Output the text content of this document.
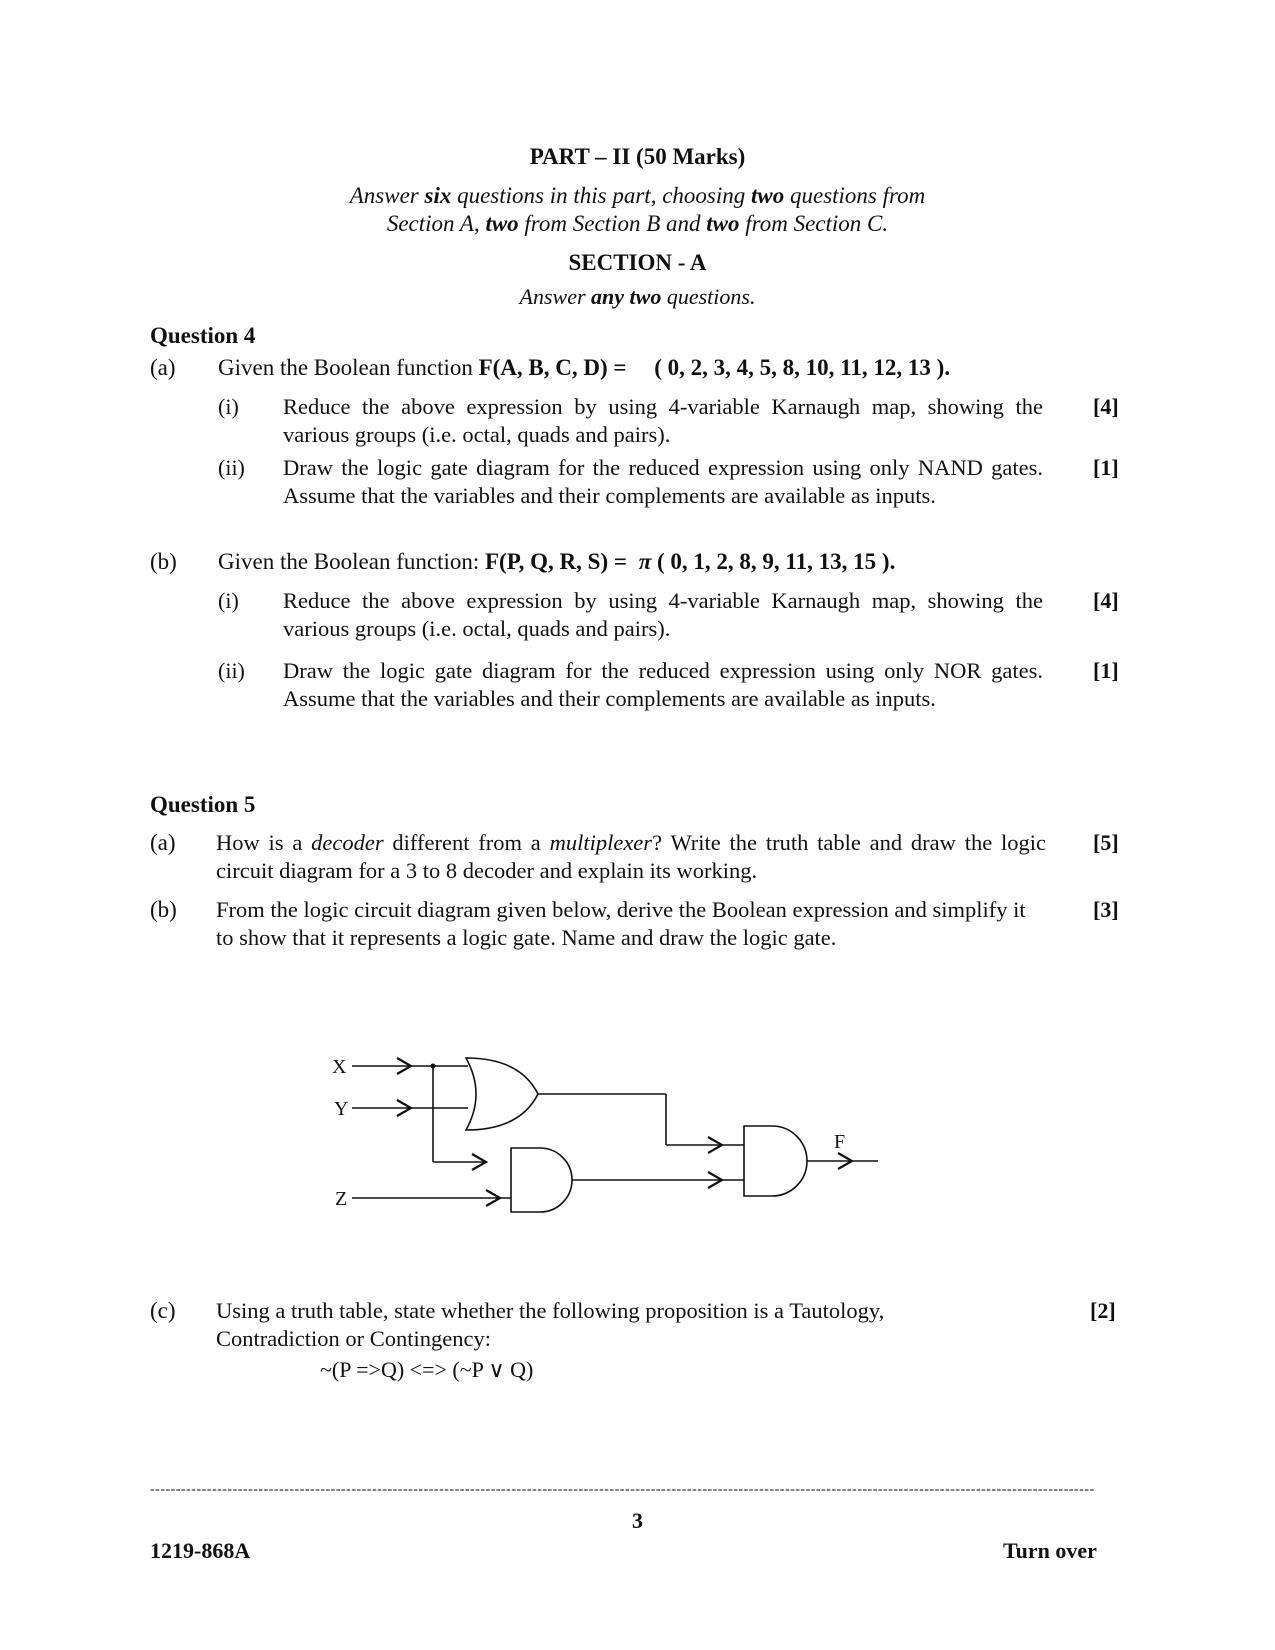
PART – II (50 Marks)
Answer six questions in this part, choosing two questions from
Section A, two from Section B and two from Section C.
SECTION - A
Answer any two questions.
Question 4
(a) Given the Boolean function F(A, B, C, D) = ( 0, 2, 3, 4, 5, 8, 10, 11, 12, 13 ).
(i) Reduce the above expression by using 4-variable Karnaugh map, showing the various groups (i.e. octal, quads and pairs).
[4]
(ii) Draw the logic gate diagram for the reduced expression using only NAND gates. Assume that the variables and their complements are available as inputs.
[1]
(b) Given the Boolean function: F(P, Q, R, S) = π ( 0, 1, 2, 8, 9, 11, 13, 15 ).
(i) Reduce the above expression by using 4-variable Karnaugh map, showing the various groups (i.e. octal, quads and pairs).
[4]
(ii) Draw the logic gate diagram for the reduced expression using only NOR gates. Assume that the variables and their complements are available as inputs.
[1]
Question 5
(a) How is a decoder different from a multiplexer? Write the truth table and draw the logic circuit diagram for a 3 to 8 decoder and explain its working.
[5]
(b) From the logic circuit diagram given below, derive the Boolean expression and simplify it to show that it represents a logic gate. Name and draw the logic gate.
[3]
X
Y
Z
F
(c) Using a truth table, state whether the following proposition is a Tautology, Contradiction or Contingency:
[2]
~(P =>Q) <=> (~P ∨ Q)
---------------------------------------------------------------------------------------------------------------------------------------------------------------------------------------
3
1219-868A	Turn over
